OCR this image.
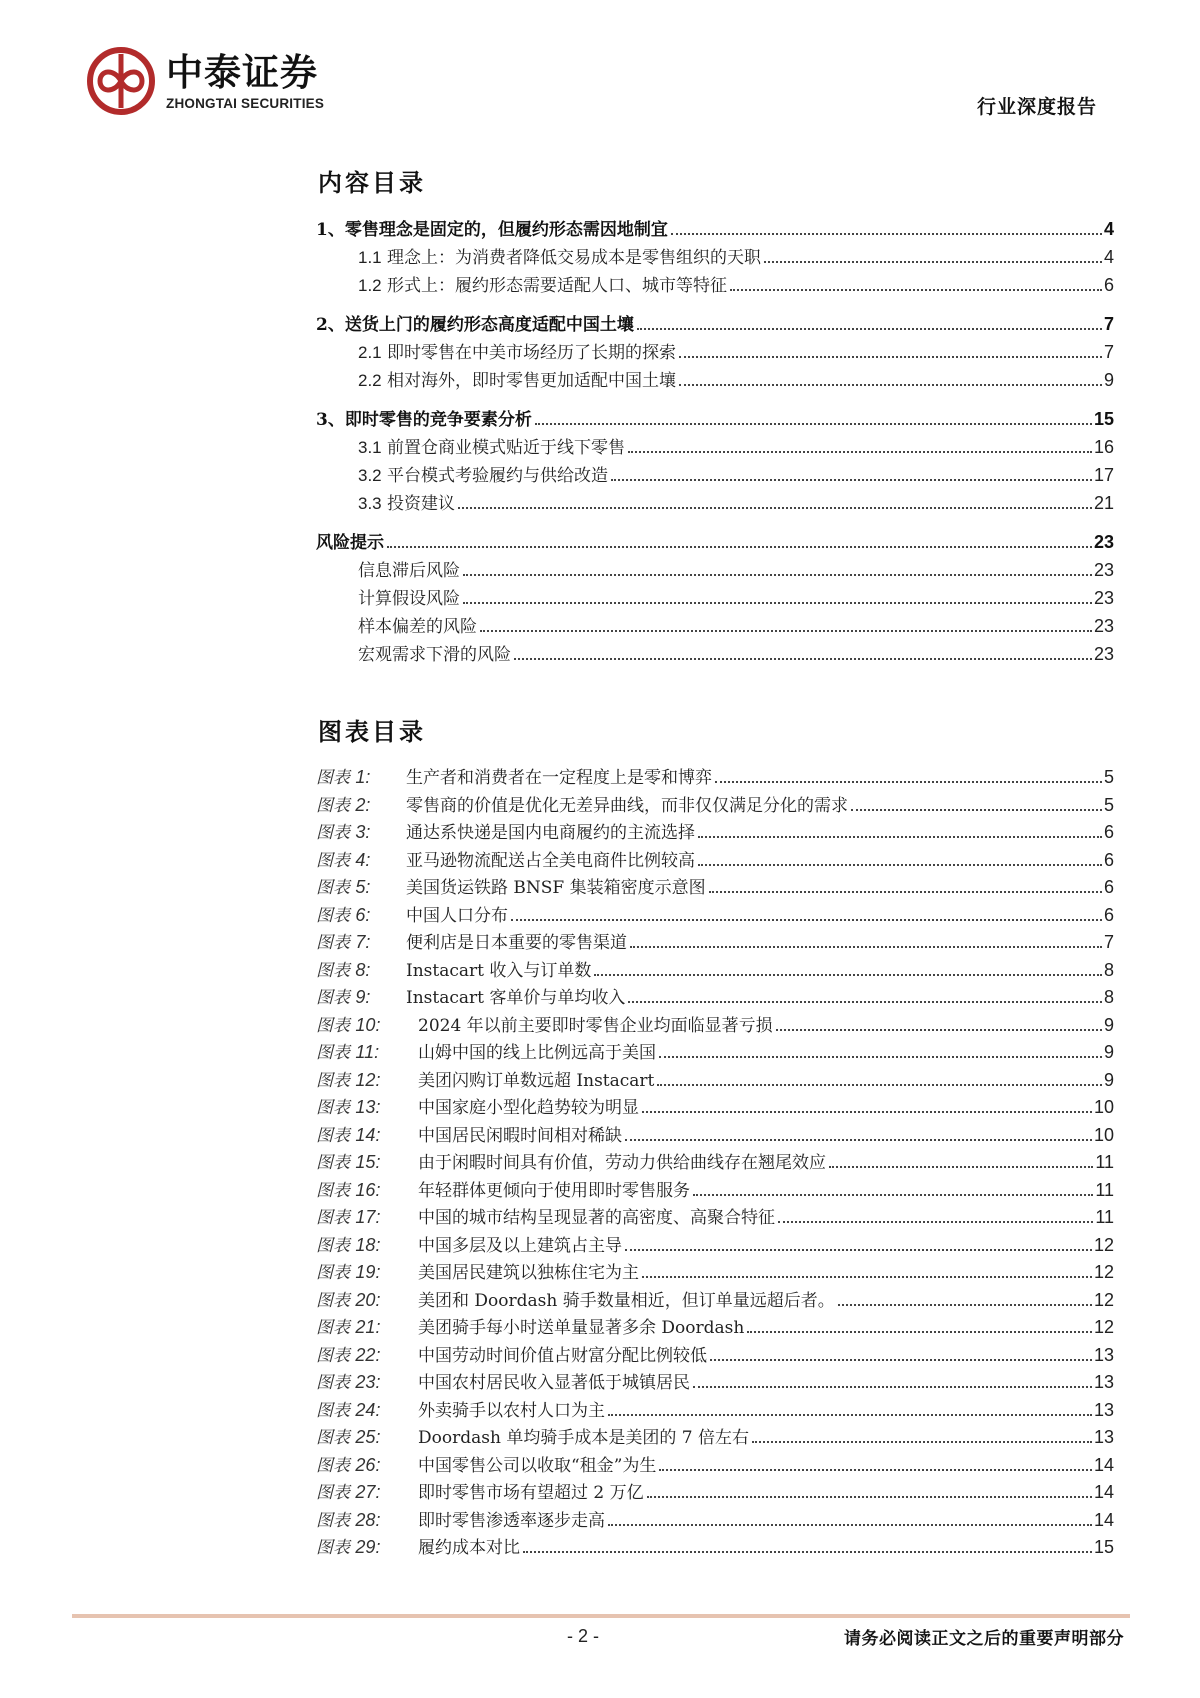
中泰证券
ZHONGTAI SECURITIES	行业深度报告
内容目录
1、零售理念是固定的，但履约形态需因地制宜	4
1.1 理念上：为消费者降低交易成本是零售组织的天职	4
1.2 形式上：履约形态需要适配人口、城市等特征	6
2、送货上门的履约形态高度适配中国土壤	7
2.1 即时零售在中美市场经历了长期的探索	7
2.2 相对海外，即时零售更加适配中国土壤	9
3、即时零售的竞争要素分析	15
3.1 前置仓商业模式贴近于线下零售	16
3.2 平台模式考验履约与供给改造	17
3.3 投资建议	21
风险提示	23
信息滞后风险	23
计算假设风险	23
样本偏差的风险	23
宏观需求下滑的风险	23
图表目录
图表 1: 生产者和消费者在一定程度上是零和博弈	5
图表 2: 零售商的价值是优化无差异曲线，而非仅仅满足分化的需求	5
图表 3: 通达系快递是国内电商履约的主流选择	6
图表 4: 亚马逊物流配送占全美电商件比例较高	6
图表 5: 美国货运铁路 BNSF 集装箱密度示意图	6
图表 6: 中国人口分布	6
图表 7: 便利店是日本重要的零售渠道	7
图表 8: Instacart 收入与订单数	8
图表 9: Instacart 客单价与单均收入	8
图表 10: 2024 年以前主要即时零售企业均面临显著亏损	9
图表 11: 山姆中国的线上比例远高于美国	9
图表 12: 美团闪购订单数远超 Instacart	9
图表 13: 中国家庭小型化趋势较为明显	10
图表 14: 中国居民闲暇时间相对稀缺	10
图表 15: 由于闲暇时间具有价值，劳动力供给曲线存在翘尾效应	11
图表 16: 年轻群体更倾向于使用即时零售服务	11
图表 17: 中国的城市结构呈现显著的高密度、高聚合特征	11
图表 18: 中国多层及以上建筑占主导	12
图表 19: 美国居民建筑以独栋住宅为主	12
图表 20: 美团和 Doordash 骑手数量相近，但订单量远超后者。	12
图表 21: 美团骑手每小时送单量显著多余 Doordash	12
图表 22: 中国劳动时间价值占财富分配比例较低	13
图表 23: 中国农村居民收入显著低于城镇居民	13
图表 24: 外卖骑手以农村人口为主	13
图表 25: Doordash 单均骑手成本是美团的 7 倍左右	13
图表 26: 中国零售公司以收取“租金”为生	14
图表 27: 即时零售市场有望超过 2 万亿	14
图表 28: 即时零售渗透率逐步走高	14
图表 29: 履约成本对比	15
- 2 -	请务必阅读正文之后的重要声明部分
